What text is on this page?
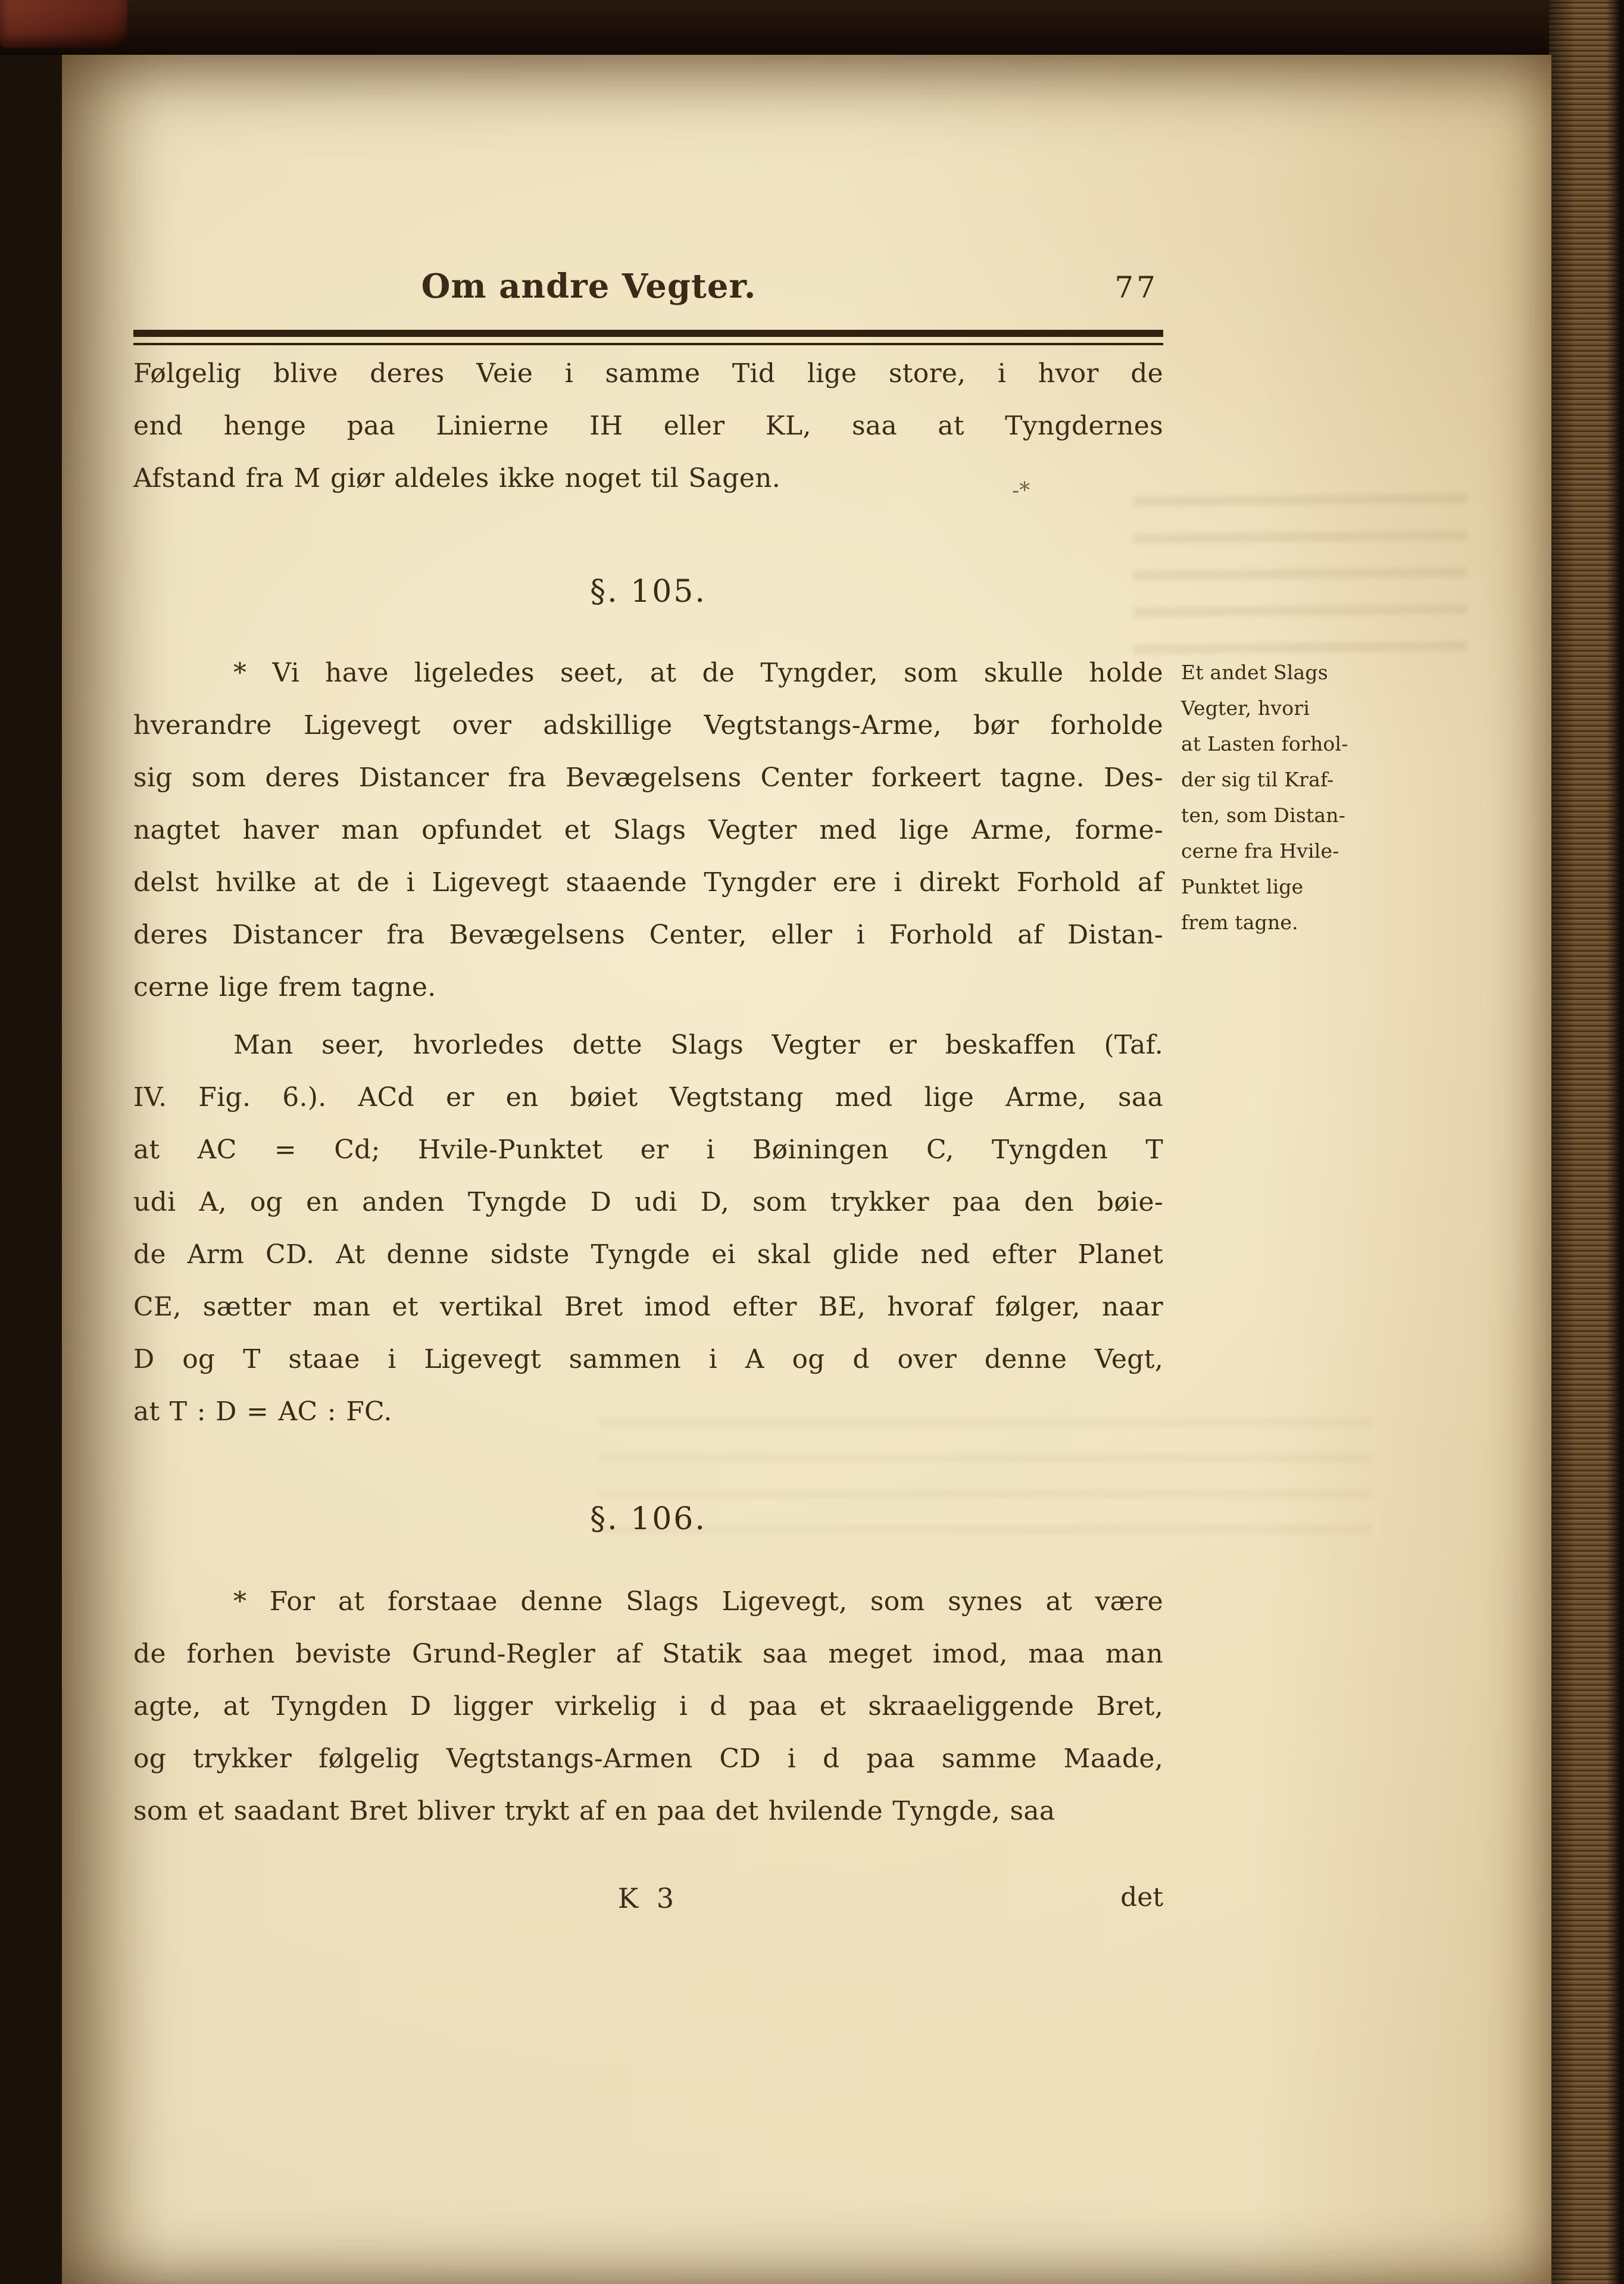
Om andre Vegter.	77
Følgelig blive deres Veie i samme Tid lige store, i hvor de
end henge paa Linierne IH eller KL, saa at Tyngdernes
Afstand fra M giør aldeles ikke noget til Sagen.	-*
§. 105.
* Vi have ligeledes seet, at de Tyngder, som skulle holde
hverandre Ligevegt over adskillige Vegtstangs-Arme, bør forholde
sig som deres Distancer fra Bevægelsens Center forkeert tagne. Des-
nagtet haver man opfundet et Slags Vegter med lige Arme, forme-
delst hvilke at de i Ligevegt staaende Tyngder ere i direkt Forhold af
deres Distancer fra Bevægelsens Center, eller i Forhold af Distan-
cerne lige frem tagne.
Et andet Slags
Vegter, hvori
at Lasten forhol-
der sig til Kraf-
ten, som Distan-
cerne fra Hvile-
Punktet lige
frem tagne.
Man seer, hvorledes dette Slags Vegter er beskaffen (Taf.
IV. Fig. 6.). ACd er en bøiet Vegtstang med lige Arme, saa
at AC = Cd; Hvile-Punktet er i Bøiningen C, Tyngden T
udi A, og en anden Tyngde D udi D, som trykker paa den bøie-
de Arm CD. At denne sidste Tyngde ei skal glide ned efter Planet
CE, sætter man et vertikal Bret imod efter BE, hvoraf følger, naar
D og T staae i Ligevegt sammen i A og d over denne Vegt,
at T : D = AC : FC.
§. 106.
* For at forstaae denne Slags Ligevegt, som synes at være
de forhen beviste Grund-Regler af Statik saa meget imod, maa man
agte, at Tyngden D ligger virkelig i d paa et skraaeliggende Bret,
og trykker følgelig Vegtstangs-Armen CD i d paa samme Maade,
som et saadant Bret bliver trykt af en paa det hvilende Tyngde, saa
K 3	det
